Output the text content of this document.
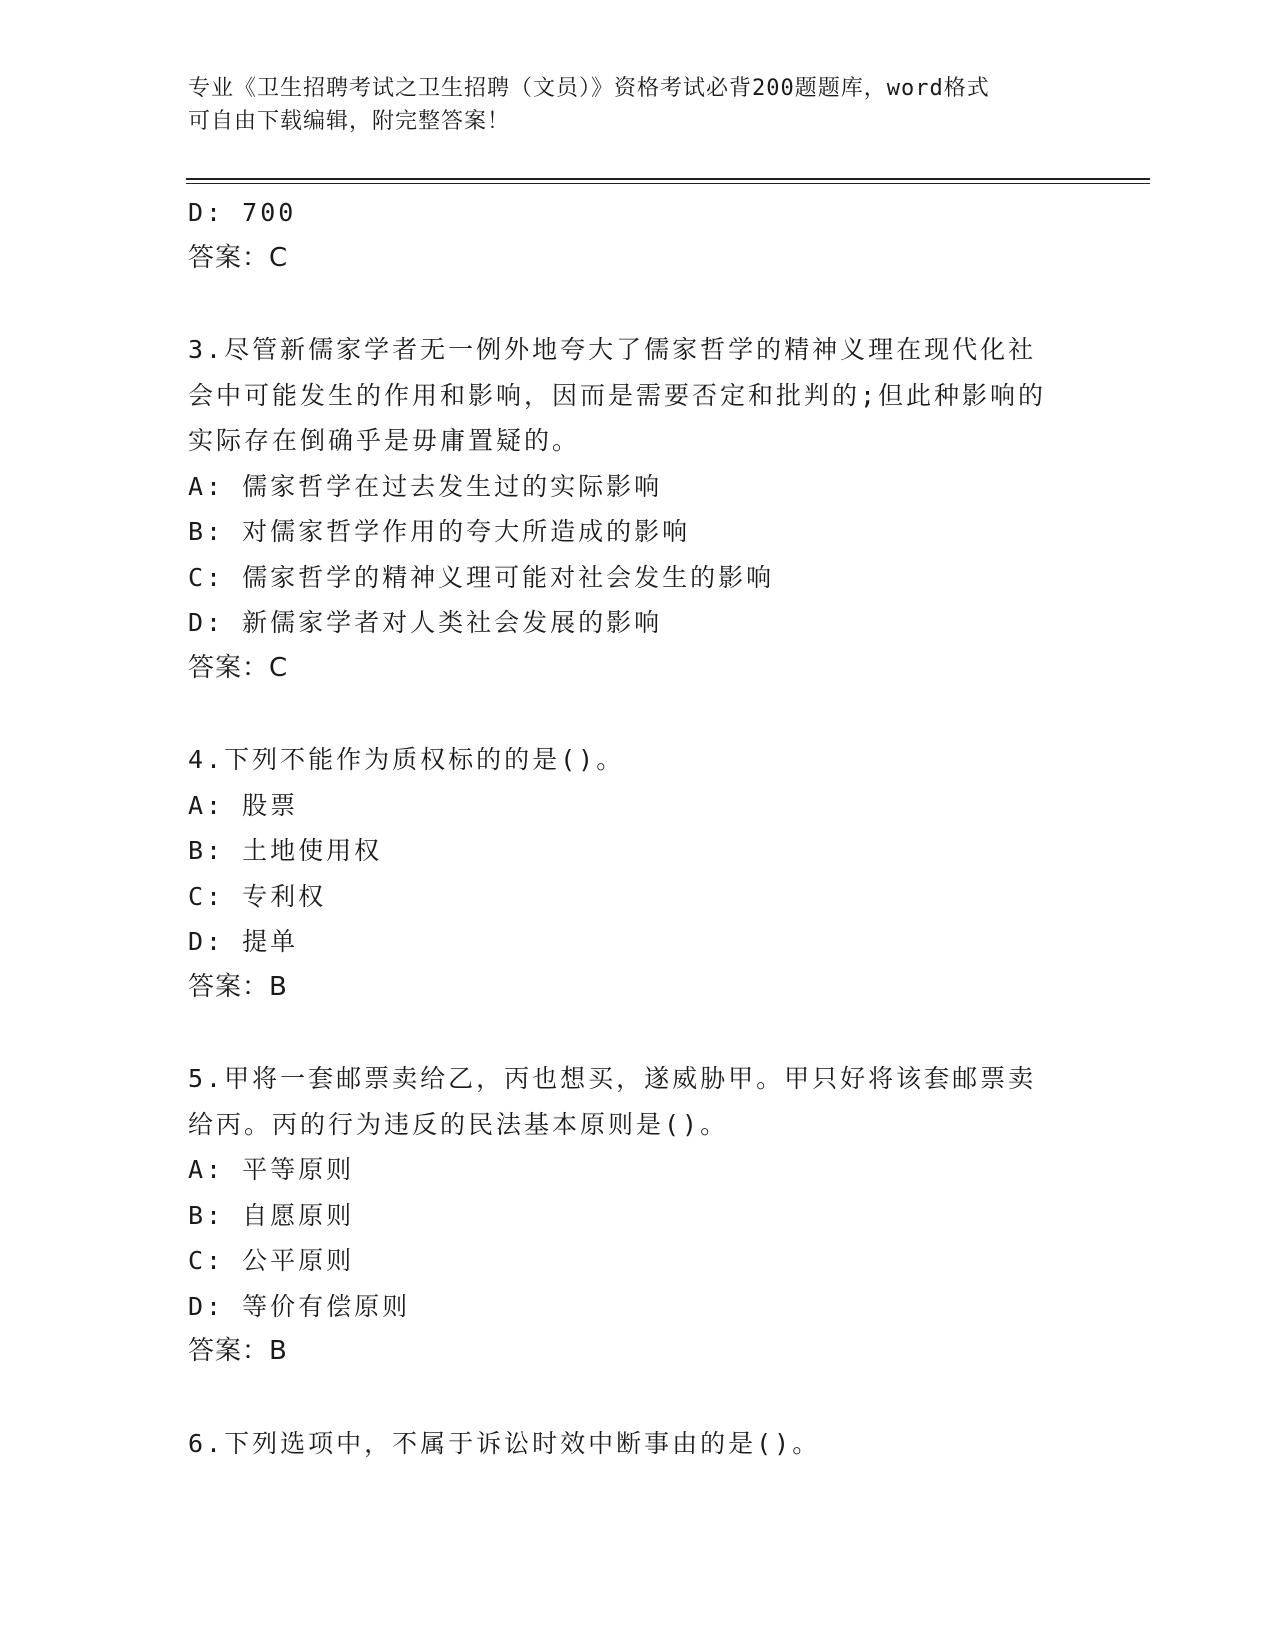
专业《卫生招聘考试之卫生招聘（文员）》资格考试必背200题题库，word格式
可自由下载编辑，附完整答案！
D: 700
答案：C
3.尽管新儒家学者无一例外地夸大了儒家哲学的精神义理在现代化社
会中可能发生的作用和影响，因而是需要否定和批判的;但此种影响的
实际存在倒确乎是毋庸置疑的。
A: 儒家哲学在过去发生过的实际影响
B: 对儒家哲学作用的夸大所造成的影响
C: 儒家哲学的精神义理可能对社会发生的影响
D: 新儒家学者对人类社会发展的影响
答案：C
4.下列不能作为质权标的的是()。
A: 股票
B: 土地使用权
C: 专利权
D: 提单
答案：B
5.甲将一套邮票卖给乙，丙也想买，遂威胁甲。甲只好将该套邮票卖
给丙。丙的行为违反的民法基本原则是()。
A: 平等原则
B: 自愿原则
C: 公平原则
D: 等价有偿原则
答案：B
6.下列选项中，不属于诉讼时效中断事由的是()。
